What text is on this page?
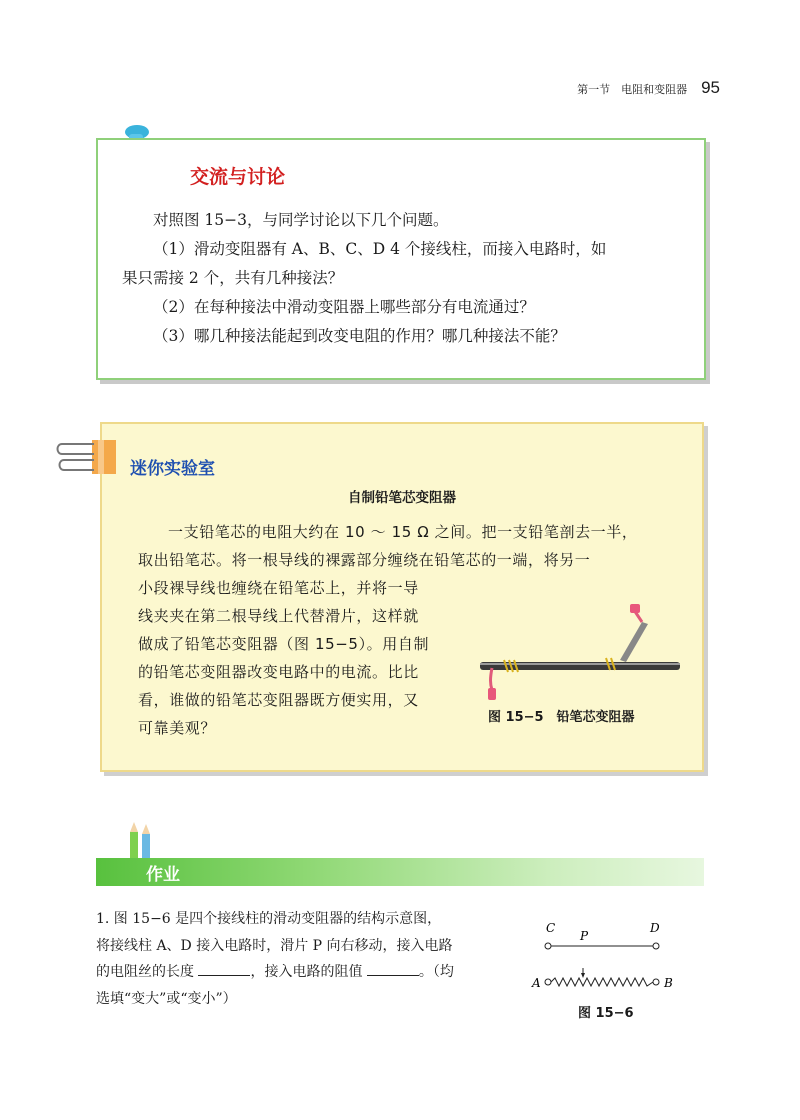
第一节　电阻和变阻器 95
交流与讨论

对照图 15−3，与同学讨论以下几个问题。

（1）滑动变阻器有 A、B、C、D 4 个接线柱，而接入电路时，如

果只需接 2 个，共有几种接法？

（2）在每种接法中滑动变阻器上哪些部分有电流通过？

（3）哪几种接法能起到改变电阻的作用？哪几种接法不能？

迷你实验室
自制铅笔芯变阻器

一支铅笔芯的电阻大约在 10 ～ 15 Ω 之间。把一支铅笔剖去一半，

取出铅笔芯。将一根导线的裸露部分缠绕在铅笔芯的一端，将另一

小段裸导线也缠绕在铅笔芯上，并将一导

线夹夹在第二根导线上代替滑片，这样就

做成了铅笔芯变阻器（图 15−5）。用自制

的铅笔芯变阻器改变电路中的电流。比比

看，谁做的铅笔芯变阻器既方便实用，又

可靠美观？

图 15−5　铅笔芯变阻器
作业

1. 图 15−6 是四个接线柱的滑动变阻器的结构示意图，

将接线柱 A、D 接入电路时，滑片 P 向右移动，接入电路

的电阻丝的长度	，接入电路的阻值	。（均

选填“变大”或“变小”）

C
P
D
A	B
图 15−6
